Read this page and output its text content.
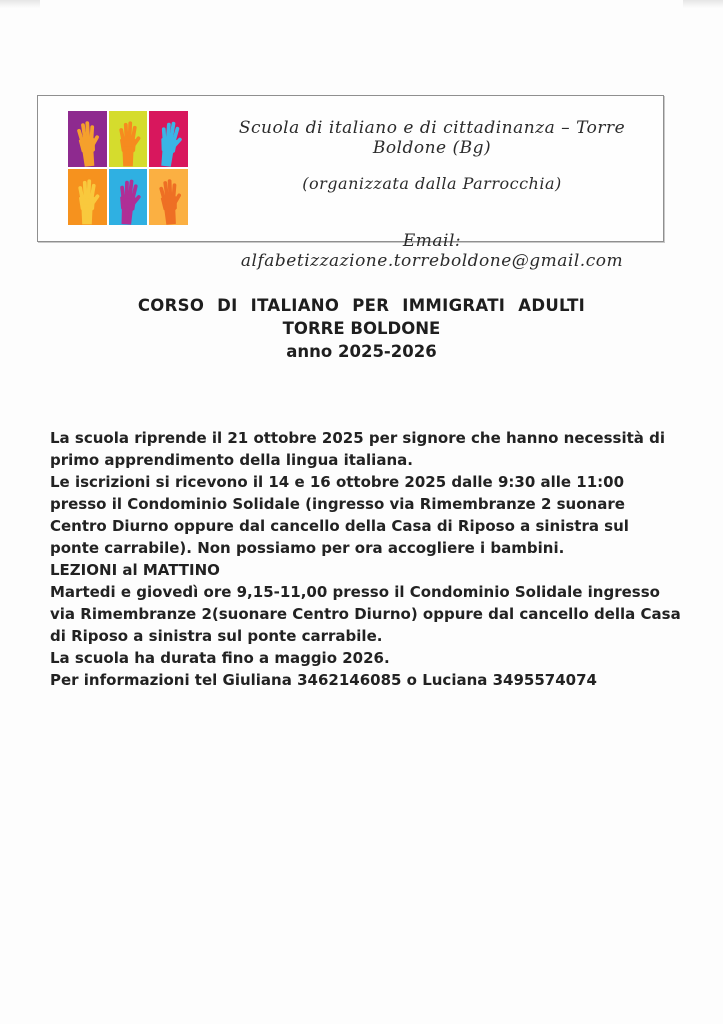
Scuola di italiano e di cittadinanza – Torre Boldone (Bg)
(organizzata dalla Parrocchia)
Email: alfabetizzazione.torreboldone@gmail.com
CORSO DI ITALIANO PER IMMIGRATI ADULTI
TORRE BOLDONE
anno 2025-2026

La scuola riprende il 21 ottobre 2025 per signore che hanno necessità di primo apprendimento della lingua italiana.

Le iscrizioni si ricevono il 14 e 16 ottobre 2025 dalle 9:30 alle 11:00 presso il Condominio Solidale (ingresso via Rimembranze 2 suonare Centro Diurno oppure dal cancello della Casa di Riposo a sinistra sul ponte carrabile). Non possiamo per ora accogliere i bambini.

LEZIONI al MATTINO

Martedi e giovedì ore 9,15-11,00 presso il Condominio Solidale ingresso via Rimembranze 2(suonare Centro Diurno) oppure dal cancello della Casa di Riposo a sinistra sul ponte carrabile.

La scuola ha durata fino a maggio 2026.

Per informazioni tel Giuliana 3462146085 o Luciana 3495574074
